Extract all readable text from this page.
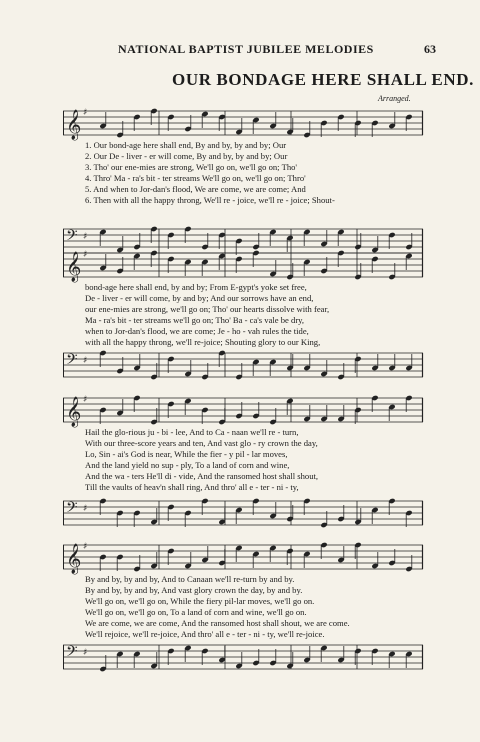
NATIONAL BAPTIST JUBILEE MELODIES	63
OUR BONDAGE HERE SHALL END.
Arranged.
𝄞 ♯
1. Our bond-age here shall end, By and by, by and by; Our
2. Our De - liver - er will come, By and by, by and by; Our
3. Tho' our ene-mies are strong, We'll go on, we'll go on; Tho'
4. Thro' Ma - ra's bit - ter streams We'll go on, we'll go on; Thro'
5. And when to Jor-dan's flood, We are come, we are come; And
6. Then with all the happy throng, We'll re - joice, we'll re - joice; Shout-
𝄢 ♯
𝄞 ♯
bond-age here shall end, by and by; From E-gypt's yoke set free,
De - liver - er will come, by and by; And our sorrows have an end,
our ene-mies are strong, we'll go on; Tho' our hearts dissolve with fear,
Ma - ra's bit - ter streams we'll go on; Tho' Ba - ca's vale be dry,
when to Jor-dan's flood, we are come; Je - ho - vah rules the tide,
with all the happy throng, we'll re-joice; Shouting glory to our King,
𝄢 ♯
𝄞 ♯
Hail the glo-rious ju - bi - lee, And to Ca - naan we'll re - turn,
With our three-score years and ten, And vast glo - ry crown the day,
Lo, Sin - ai's God is near, While the fier - y pil - lar moves,
And the land yield no sup - ply, To a land of corn and wine,
And the wa - ters He'll di - vide, And the ransomed host shall shout,
Till the vaults of heav'n shall ring, And thro' all e - ter - ni - ty,
𝄢 ♯
𝄞 ♯
By and by, by and by, And to Canaan we'll re-turn by and by.
By and by, by and by, And vast glory crown the day, by and by.
We'll go on, we'll go on, While the fiery pil-lar moves, we'll go on.
We'll go on, we'll go on, To a land of corn and wine, we'll go on.
We are come, we are come, And the ransomed host shall shout, we are come.
We'll rejoice, we'll re-joice, And thro' all e - ter - ni - ty, we'll re-joice.
𝄢 ♯
